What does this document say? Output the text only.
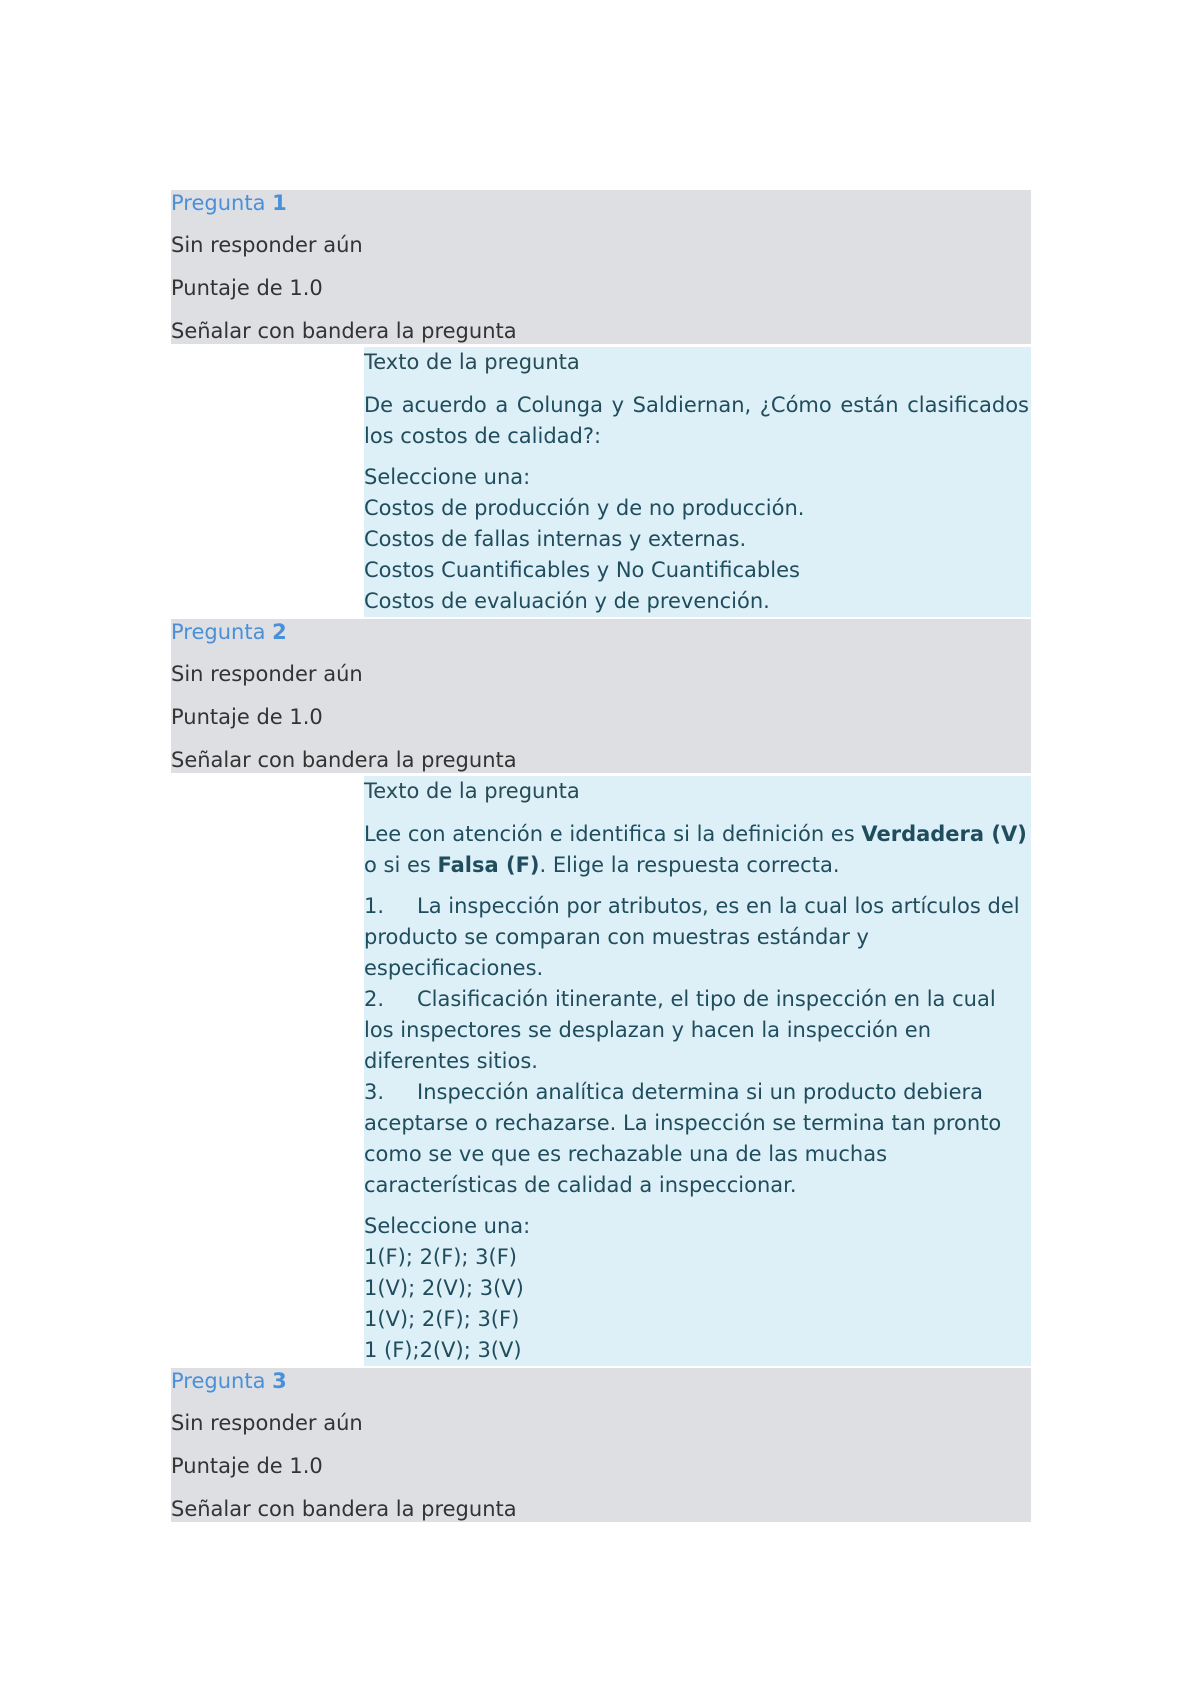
Pregunta 1
Sin responder aún
Puntaje de 1.0
Señalar con bandera la pregunta
Texto de la pregunta
De acuerdo a Colunga y Saldiernan, ¿Cómo están clasificados los costos de calidad?:
Seleccione una:
Costos de producción y de no producción.
Costos de fallas internas y externas.
Costos Cuantificables y No Cuantificables
Costos de evaluación y de prevención.
Pregunta 2
Sin responder aún
Puntaje de 1.0
Señalar con bandera la pregunta
Texto de la pregunta
Lee con atención e identifica si la definición es Verdadera (V) o si es Falsa (F). Elige la respuesta correcta.
1. La inspección por atributos, es en la cual los artículos del producto se comparan con muestras estándar y especificaciones.
2. Clasificación itinerante, el tipo de inspección en la cual los inspectores se desplazan y hacen la inspección en diferentes sitios.
3. Inspección analítica determina si un producto debiera aceptarse o rechazarse. La inspección se termina tan pronto como se ve que es rechazable una de las muchas características de calidad a inspeccionar.
Seleccione una:
1(F); 2(F); 3(F)
1(V); 2(V); 3(V)
1(V); 2(F); 3(F)
1 (F);2(V); 3(V)
Pregunta 3
Sin responder aún
Puntaje de 1.0
Señalar con bandera la pregunta
